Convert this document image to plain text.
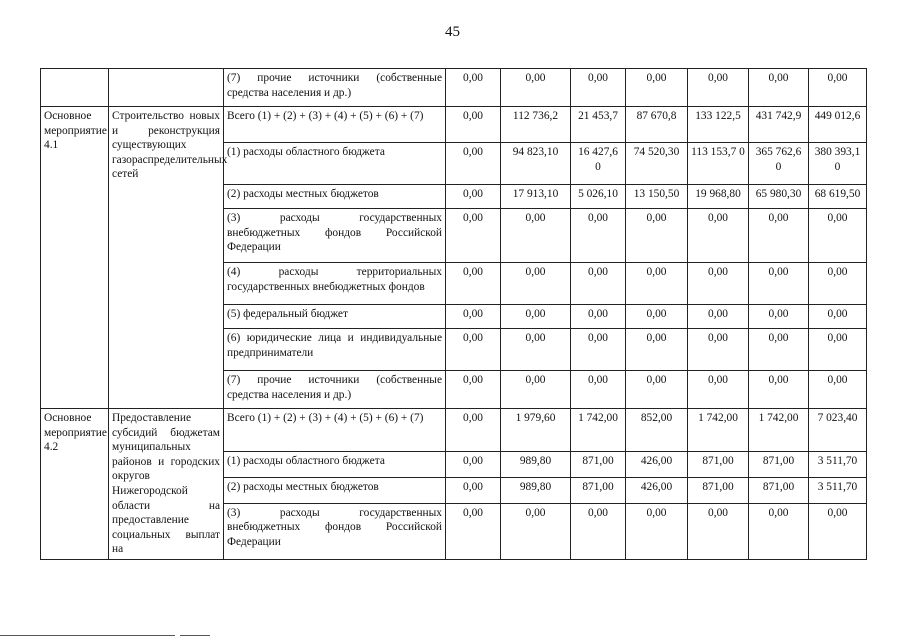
45
		(7) прочие источники (собственные средства населения и др.)	0,00	0,00	0,00	0,00	0,00	0,00	0,00
Основное мероприятие 4.1	Строительство новых и реконструкция существующих газораспределительных сетей	Всего (1) + (2) + (3) + (4) + (5) + (6) + (7)	0,00	112 736,2	21 453,7	87 670,8	133 122,5	431 742,9	449 012,6
		(1) расходы областного бюджета	0,00	94 823,10	16 427,6 0	74 520,30	113 153,7 0	365 762,6 0	380 393,1 0
		(2) расходы местных бюджетов	0,00	17 913,10	5 026,10	13 150,50	19 968,80	65 980,30	68 619,50
		(3) расходы государственных внебюджетных фондов Российской Федерации	0,00	0,00	0,00	0,00	0,00	0,00	0,00
		(4) расходы территориальных государственных внебюджетных фондов	0,00	0,00	0,00	0,00	0,00	0,00	0,00
		(5) федеральный бюджет	0,00	0,00	0,00	0,00	0,00	0,00	0,00
		(6) юридические лица и индивидуальные предприниматели	0,00	0,00	0,00	0,00	0,00	0,00	0,00
		(7) прочие источники (собственные средства населения и др.)	0,00	0,00	0,00	0,00	0,00	0,00	0,00
Основное мероприятие 4.2	Предоставление субсидий бюджетам муниципальных районов и городских округов Нижегородской области на предоставление социальных выплат на	Всего (1) + (2) + (3) + (4) + (5) + (6) + (7)	0,00	1 979,60	1 742,00	852,00	1 742,00	1 742,00	7 023,40
		(1) расходы областного бюджета	0,00	989,80	871,00	426,00	871,00	871,00	3 511,70
		(2) расходы местных бюджетов	0,00	989,80	871,00	426,00	871,00	871,00	3 511,70
		(3) расходы государственных внебюджетных фондов Российской Федерации	0,00	0,00	0,00	0,00	0,00	0,00	0,00
